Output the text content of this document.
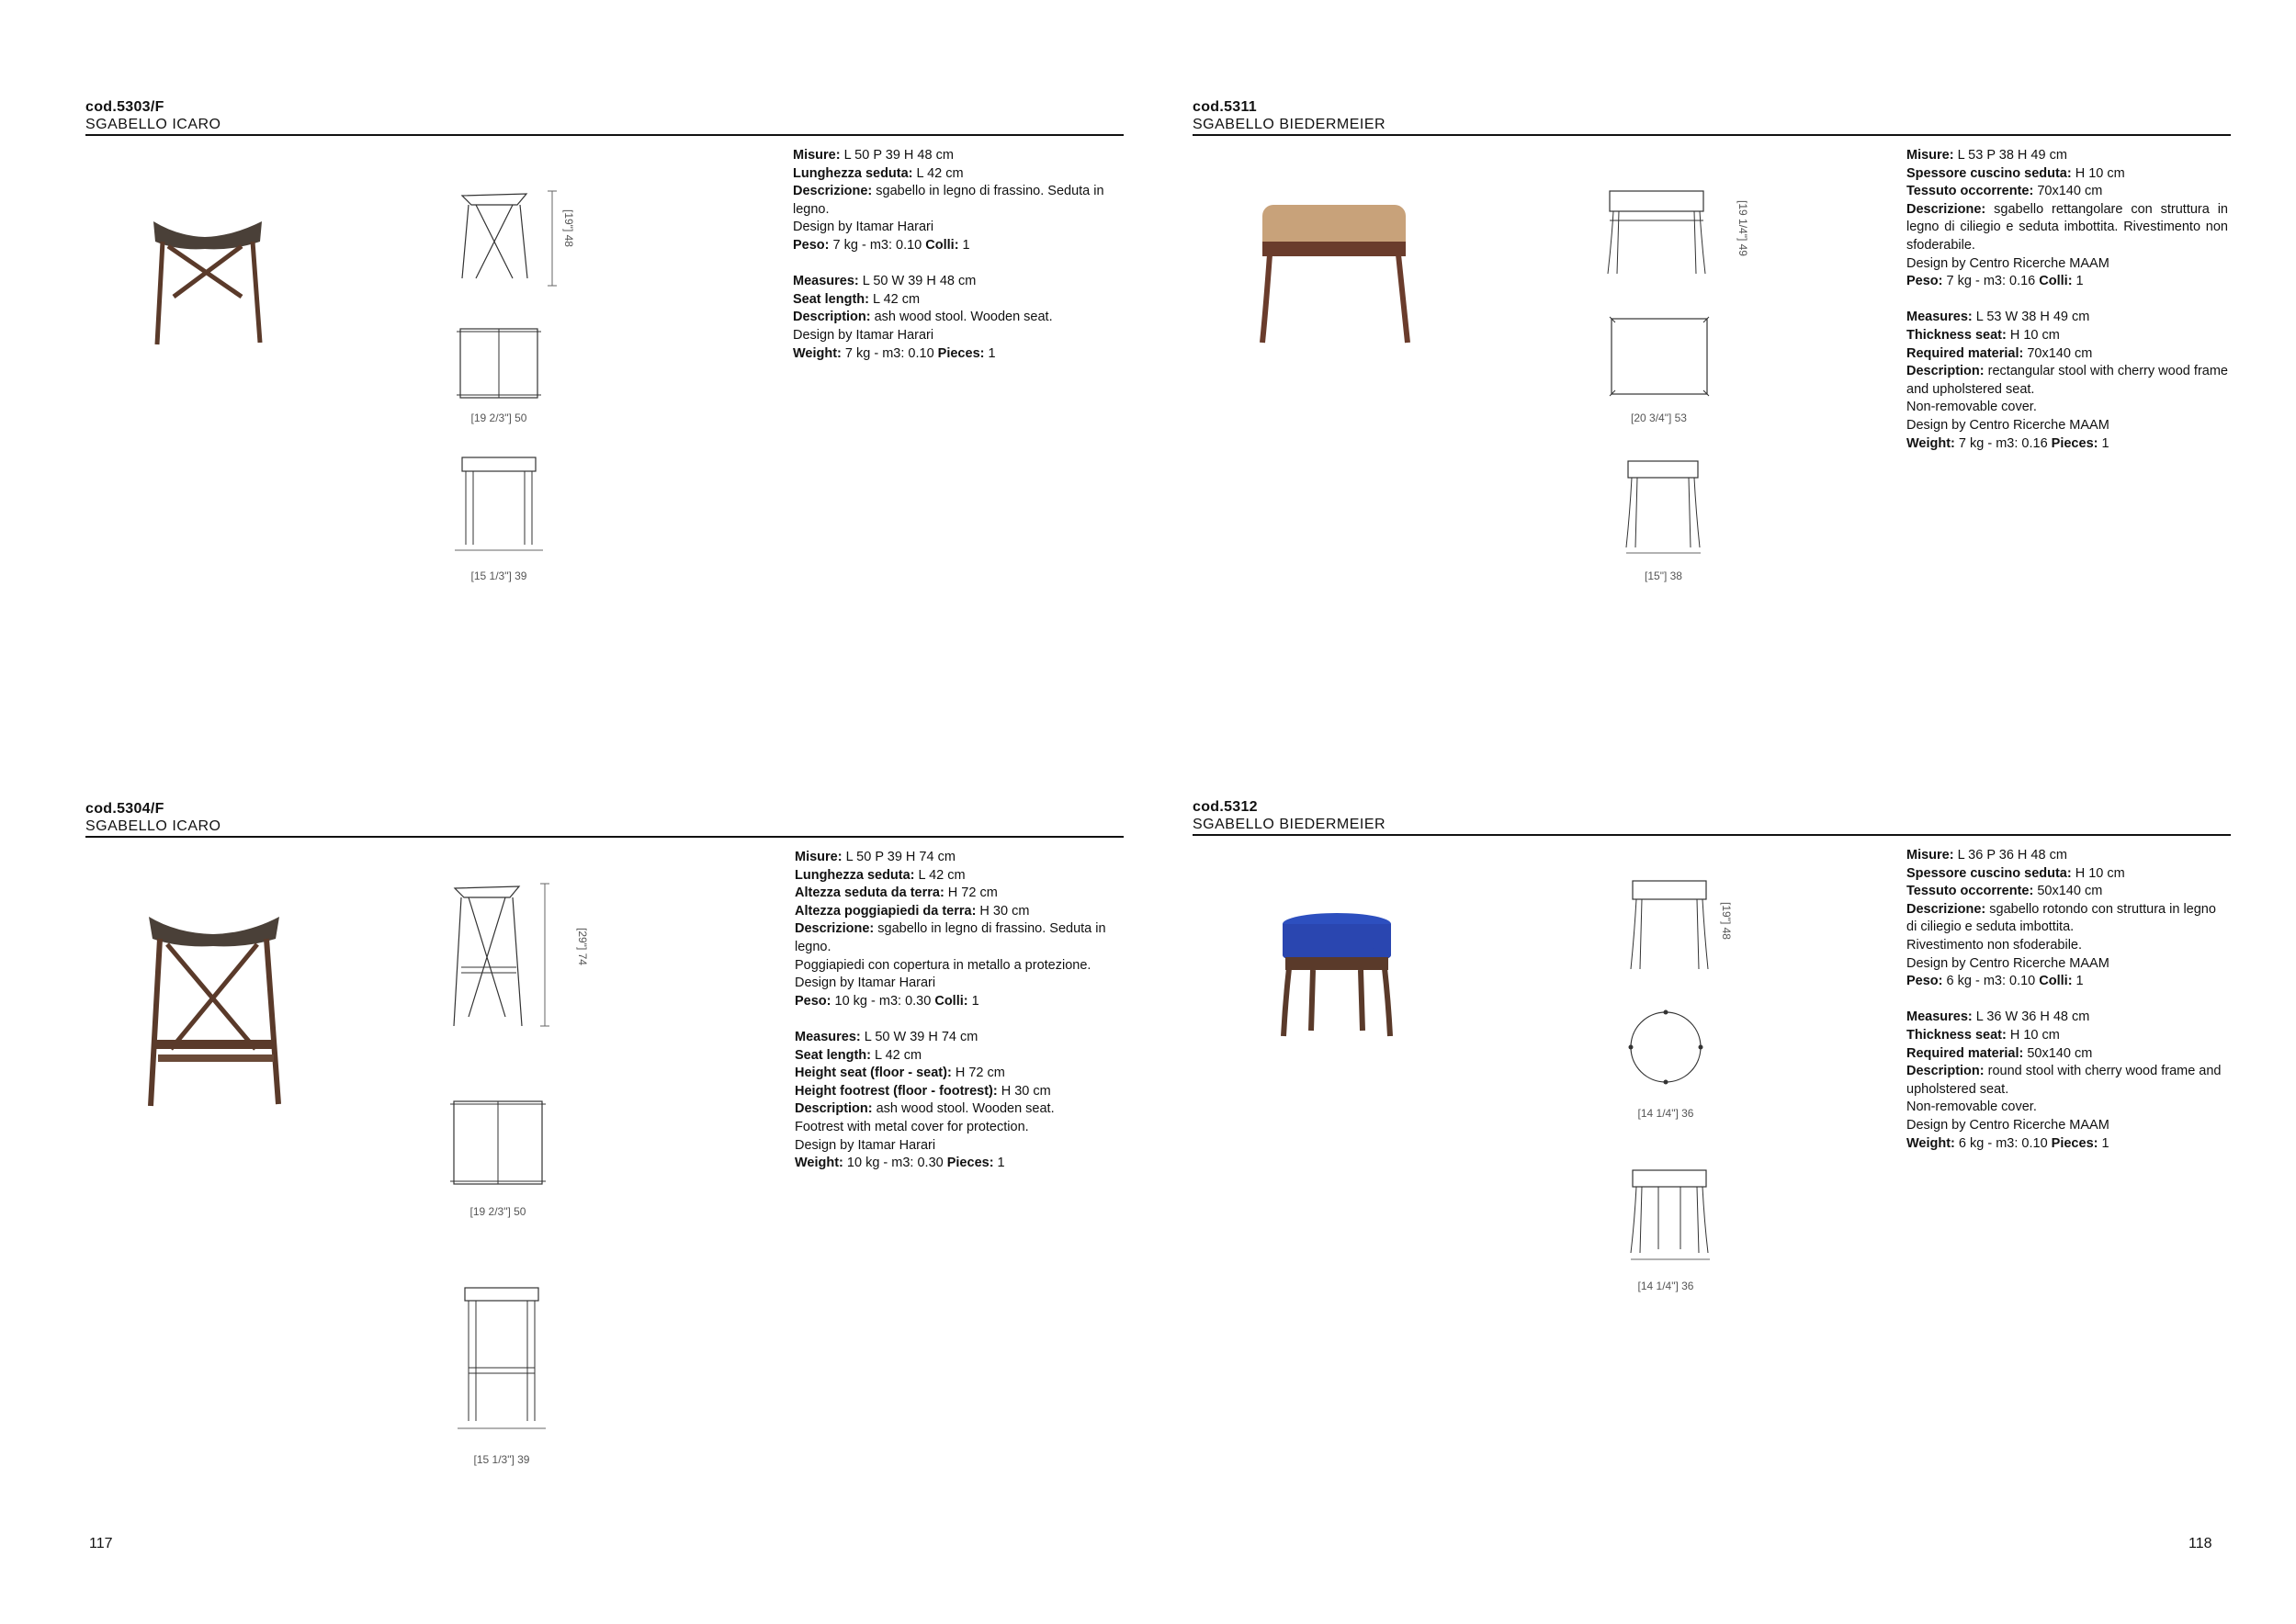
cod.5303/F
SGABELLO ICARO
[19"] 48
[19 2/3"] 50
[15 1/3"] 39

Misure: L 50 P 39 H 48 cm

Lunghezza seduta: L 42 cm

Descrizione: sgabello in legno di frassino. Seduta in legno.

Design by Itamar Harari

Peso: 7 kg - m3: 0.10 Colli: 1

Measures: L 50 W 39 H 48 cm

Seat length: L 42 cm

Description: ash wood stool. Wooden seat.

Design by Itamar Harari

Weight: 7 kg - m3: 0.10 Pieces: 1

cod.5311
SGABELLO BIEDERMEIER
[19 1/4"] 49
[20 3/4"] 53
[15"] 38

Misure: L 53 P 38 H 49 cm

Spessore cuscino seduta: H 10 cm

Tessuto occorrente: 70x140 cm

Descrizione: sgabello rettangolare con struttura in legno di ciliegio e seduta imbottita. Rivestimento non sfoderabile.

Design by Centro Ricerche MAAM

Peso: 7 kg - m3: 0.16 Colli: 1

Measures: L 53 W 38 H 49 cm

Thickness seat: H 10 cm

Required material: 70x140 cm

Description: rectangular stool with cherry wood frame and upholstered seat.

Non-removable cover.

Design by Centro Ricerche MAAM

Weight: 7 kg - m3: 0.16 Pieces: 1

cod.5304/F
SGABELLO ICARO
[29"] 74
[19 2/3"] 50
[15 1/3"] 39

Misure: L 50 P 39 H 74 cm

Lunghezza seduta: L 42 cm

Altezza seduta da terra: H 72 cm

Altezza poggiapiedi da terra: H 30 cm

Descrizione: sgabello in legno di frassino. Seduta in legno.

Poggiapiedi con copertura in metallo a protezione.

Design by Itamar Harari

Peso: 10 kg - m3: 0.30 Colli: 1

Measures: L 50 W 39 H 74 cm

Seat length: L 42 cm

Height seat (floor - seat): H 72 cm

Height footrest (floor - footrest): H 30 cm

Description: ash wood stool. Wooden seat.

Footrest with metal cover for protection.

Design by Itamar Harari

Weight: 10 kg - m3: 0.30 Pieces: 1

cod.5312
SGABELLO BIEDERMEIER
[19"] 48
[14 1/4"] 36
[14 1/4"] 36

Misure: L 36 P 36 H 48 cm

Spessore cuscino seduta: H 10 cm

Tessuto occorrente: 50x140 cm

Descrizione: sgabello rotondo con struttura in legno di ciliegio e seduta imbottita.

Rivestimento non sfoderabile.

Design by Centro Ricerche MAAM

Peso: 6 kg - m3: 0.10 Colli: 1

Measures: L 36 W 36 H 48 cm

Thickness seat: H 10 cm

Required material: 50x140 cm

Description: round stool with cherry wood frame and upholstered seat.

Non-removable cover.

Design by Centro Ricerche MAAM

Weight: 6 kg - m3: 0.10 Pieces: 1

117	118
